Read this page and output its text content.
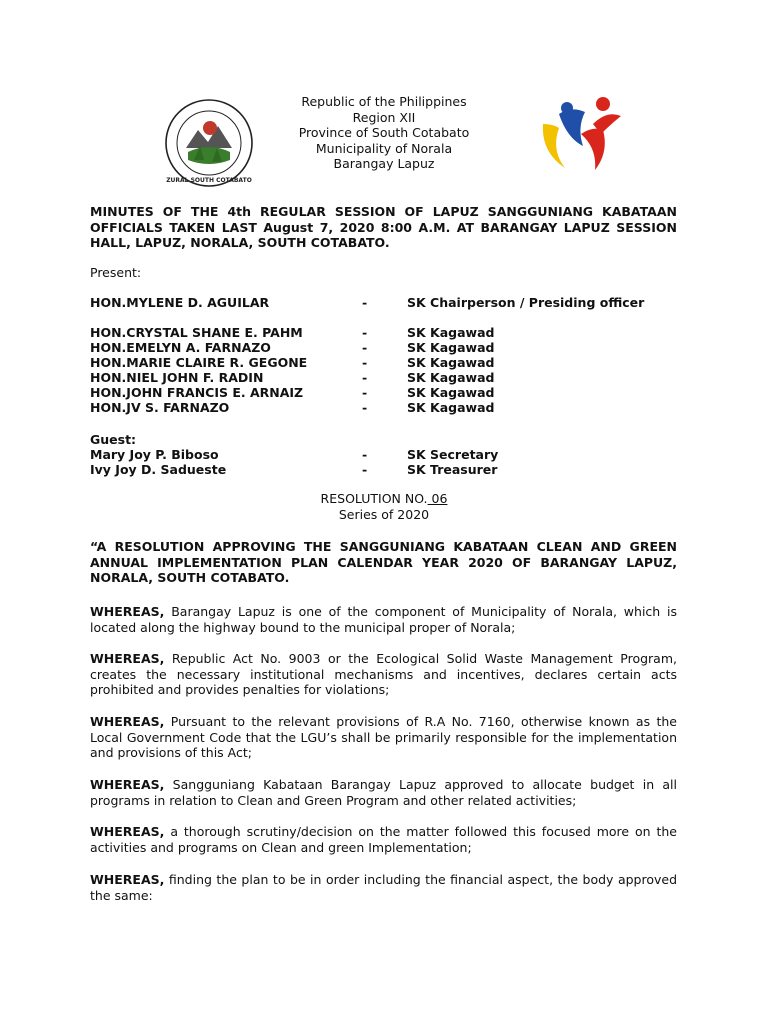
ZURAL SOUTH COTABATO
Republic of the Philippines
Region XII
Province of South Cotabato
Municipality of Norala
Barangay Lapuz
MINUTES OF THE 4th REGULAR SESSION OF LAPUZ SANGGUNIANG KABATAAN OFFICIALS TAKEN LAST August 7, 2020 8:00 A.M. AT BARANGAY LAPUZ SESSION HALL, LAPUZ, NORALA, SOUTH COTABATO.
Present:
HON.MYLENE D. AGUILAR	-	SK Chairperson / Presiding officer
HON.CRYSTAL SHANE E. PAHM	-	SK Kagawad
HON.EMELYN A. FARNAZO	-	SK Kagawad
HON.MARIE CLAIRE R. GEGONE	-	SK Kagawad
HON.NIEL JOHN F. RADIN	-	SK Kagawad
HON.JOHN FRANCIS E. ARNAIZ	-	SK Kagawad
HON.JV S. FARNAZO	-	SK Kagawad
Guest:
Mary Joy P. Biboso	-	SK Secretary
Ivy Joy D. Sadueste	-	SK Treasurer
RESOLUTION NO. 06
Series of 2020
“A RESOLUTION APPROVING THE SANGGUNIANG KABATAAN CLEAN AND GREEN ANNUAL IMPLEMENTATION PLAN CALENDAR YEAR 2020 OF BARANGAY LAPUZ, NORALA, SOUTH COTABATO.
WHEREAS, Barangay Lapuz is one of the component of Municipality of Norala, which is located along the highway bound to the municipal proper of Norala;
WHEREAS, Republic Act No. 9003 or the Ecological Solid Waste Management Program, creates the necessary institutional mechanisms and incentives, declares certain acts prohibited and provides penalties for violations;
WHEREAS, Pursuant to the relevant provisions of R.A No. 7160, otherwise known as the Local Government Code that the LGU’s shall be primarily responsible for the implementation and provisions of this Act;
WHEREAS, Sangguniang Kabataan Barangay Lapuz approved to allocate budget in all programs in relation to Clean and Green Program and other related activities;
WHEREAS, a thorough scrutiny/decision on the matter followed this focused more on the activities and programs on Clean and green Implementation;
WHEREAS, finding the plan to be in order including the financial aspect, the body approved the same:
